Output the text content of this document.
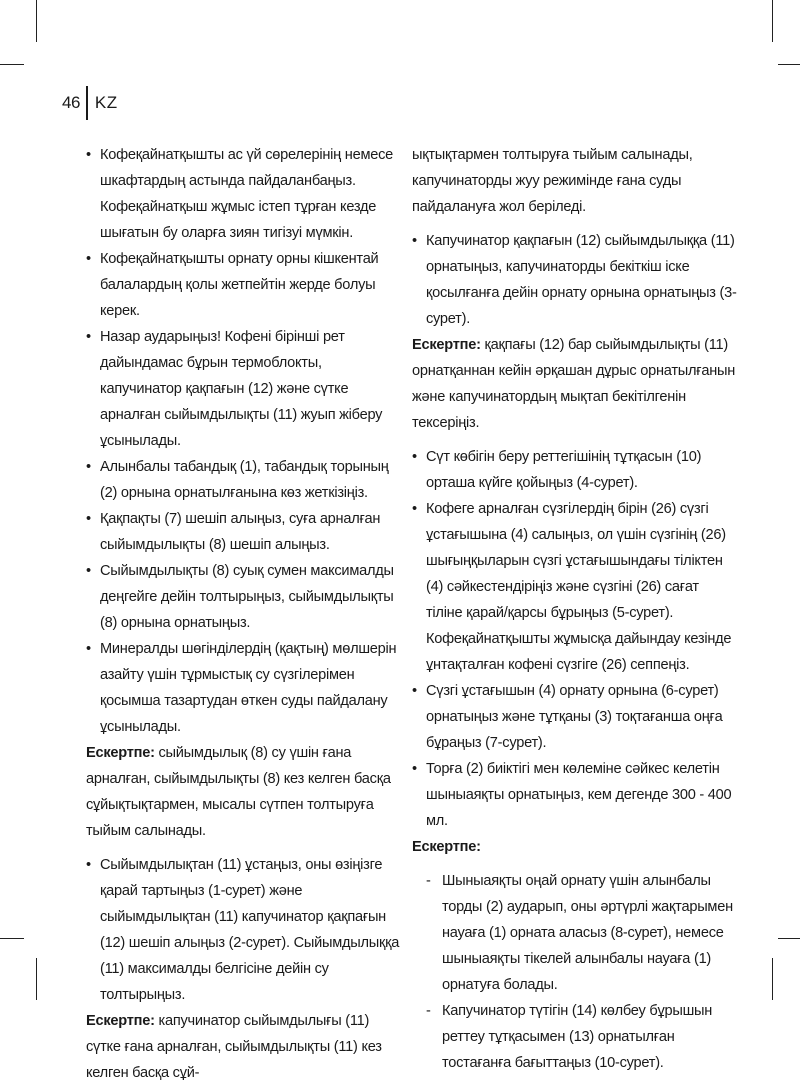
46 KZ
• Кофеқайнатқышты ас үй сөрелерінің немесе шкафтардың астында пайдаланбаңыз. Кофеқайнатқыш жұмыс істеп тұрған кезде шығатын бу оларға зиян тигізуі мүмкін.
• Кофеқайнатқышты орнату орны кішкентай балалардың қолы жетпейтін жерде болуы керек.
• Назар аударыңыз! Кофені бірінші рет дайындамас бұрын термоблокты, капучинатор қақпағын (12) және сүтке арналған сыйымдылықты (11) жуып жіберу ұсынылады.
• Алынбалы табандық (1), табандық торының (2) орнына орнатылғанына көз жеткізіңіз.
• Қақпақты (7) шешіп алыңыз, суға арналған сыйымдылықты (8) шешіп алыңыз.
• Сыйымдылықты (8) суық сумен максималды деңгейге дейін толтырыңыз, сыйымдылықты (8) орнына орнатыңыз.
• Минералды шөгінділердің (қақтың) мөлшерін азайту үшін тұрмыстық су сүзгілерімен қосымша тазартудан өткен суды пайдалану ұсынылады.

Ескертпе: сыйымдылық (8) су үшін ғана арналған, сыйымдылықты (8) кез келген басқа сұйықтықтармен, мысалы сүтпен толтыруға тыйым салынады.

• Сыйымдылықтан (11) ұстаңыз, оны өзіңізге қарай тартыңыз (1-сурет) және сыйымдылықтан (11) капучинатор қақпағын (12) шешіп алыңыз (2-сурет). Сыйымдылыққа (11) максималды белгісіне дейін су толтырыңыз.

Ескертпе: капучинатор сыйымдылығы (11) сүтке ғана арналған, сыйымдылықты (11) кез келген басқа сұй-

ықтықтармен толтыруға тыйым салынады, капучинаторды жуу режимінде ғана суды пайдалануға жол беріледі.

• Капучинатор қақпағын (12) сыйымдылыққа (11) орнатыңыз, капучинаторды бекіткіш іске қосылғанға дейін орнату орнына орнатыңыз (3-сурет).

Ескертпе: қақпағы (12) бар сыйымдылықты (11) орнатқаннан кейін әрқашан дұрыс орнатылғанын және капучинатордың мықтап бекітілгенін тексеріңіз.

• Сүт көбігін беру реттегішінің тұтқасын (10) орташа күйге қойыңыз (4-сурет).
• Кофеге арналған сүзгілердің бірін (26) сүзгі ұстағышына (4) салыңыз, ол үшін сүзгінің (26) шығыңқыларын сүзгі ұстағышындағы тіліктен (4) сәйкестендіріңіз және сүзгіні (26) сағат тіліне қарай/қарсы бұрыңыз (5-сурет). Кофеқайнатқышты жұмысқа дайындау кезінде ұнтақталған кофені сүзгіге (26) сеппеңіз.
• Сүзгі ұстағышын (4) орнату орнына (6-сурет) орнатыңыз және тұтқаны (3) тоқтағанша оңға бұраңыз (7-сурет).
• Торға (2) биіктігі мен көлеміне сәйкес келетін шыныаяқты орнатыңыз, кем дегенде 300 - 400 мл.

Ескертпе:

- Шыныаяқты оңай орнату үшін алынбалы торды (2) аударып, оны әртүрлі жақтарымен науаға (1) орната аласыз (8-сурет), немесе шыныаяқты тікелей алынбалы науаға (1) орнатуға болады.
- Капучинатор түтігін (14) көлбеу бұрышын реттеу тұтқасымен (13) орнатылған тостағанға бағыттаңыз (10-сурет).
